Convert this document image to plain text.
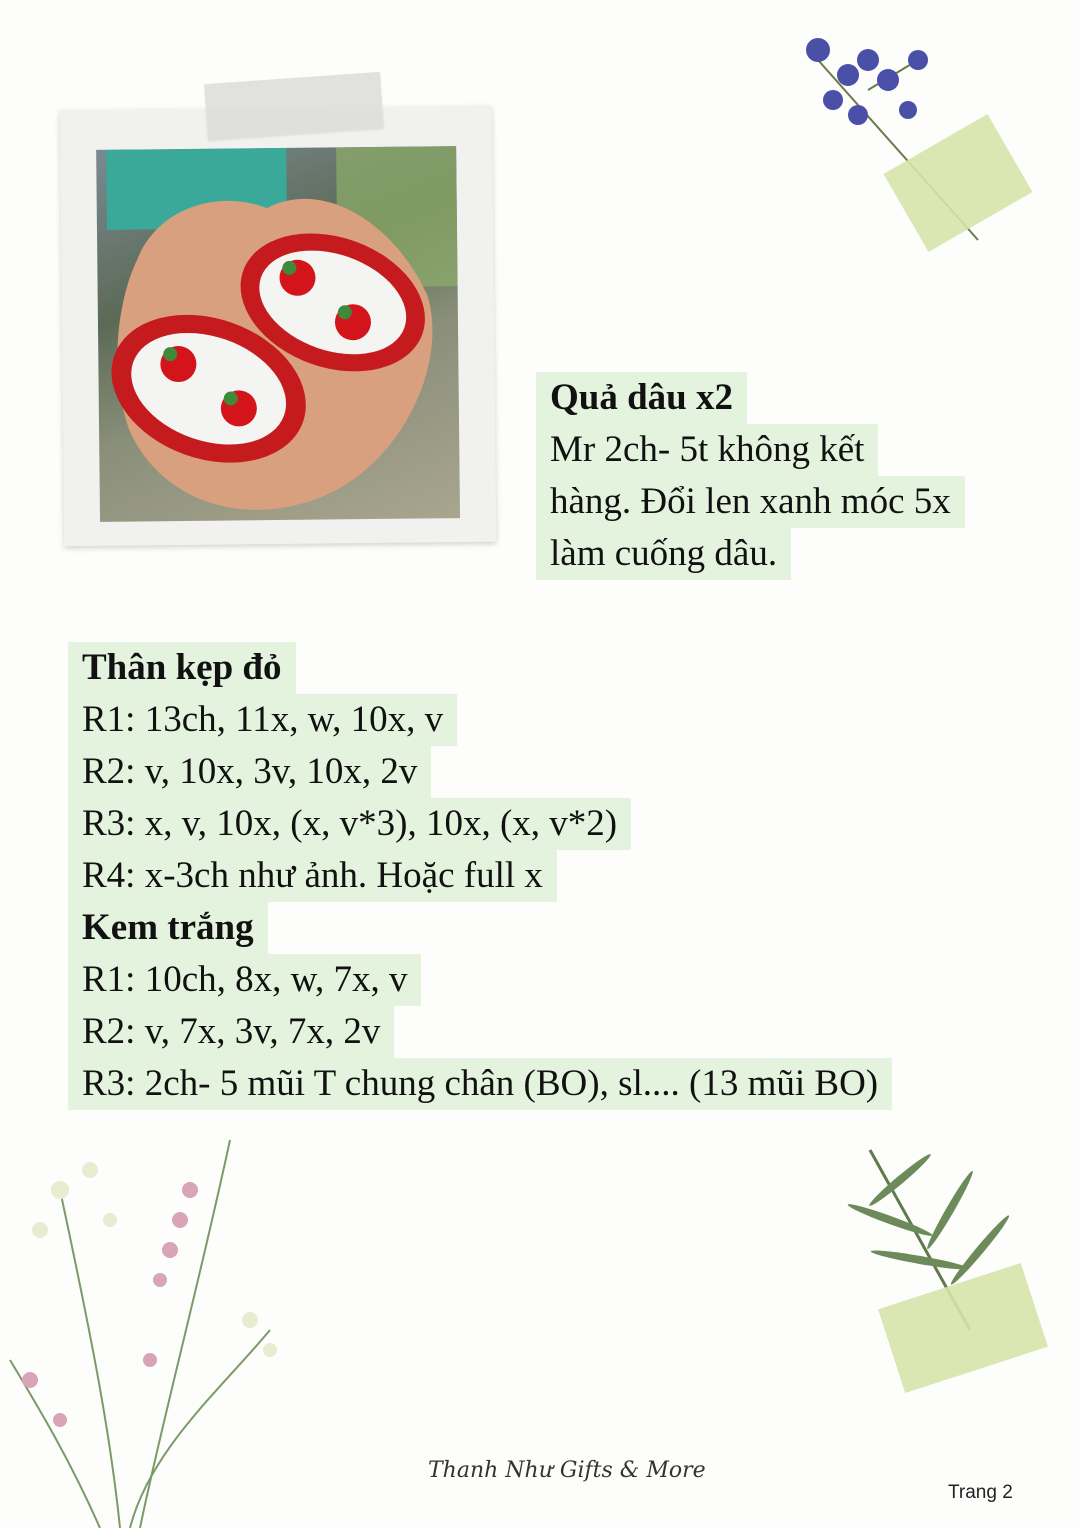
Quả dâu x2
Mr 2ch- 5t không kết
hàng. Đổi len xanh móc 5x
làm cuống dâu.
Thân kẹp đỏ
R1: 13ch, 11x, w, 10x, v
R2: v, 10x, 3v, 10x, 2v
R3: x, v, 10x, (x, v*3), 10x, (x, v*2)
R4: x-3ch như ảnh. Hoặc full x
Kem trắng
R1: 10ch, 8x, w, 7x, v
R2: v, 7x, 3v, 7x, 2v
R3: 2ch- 5 mũi T chung chân (BO), sl.... (13 mũi BO)
Thanh Như Gifts & More
Trang 2
